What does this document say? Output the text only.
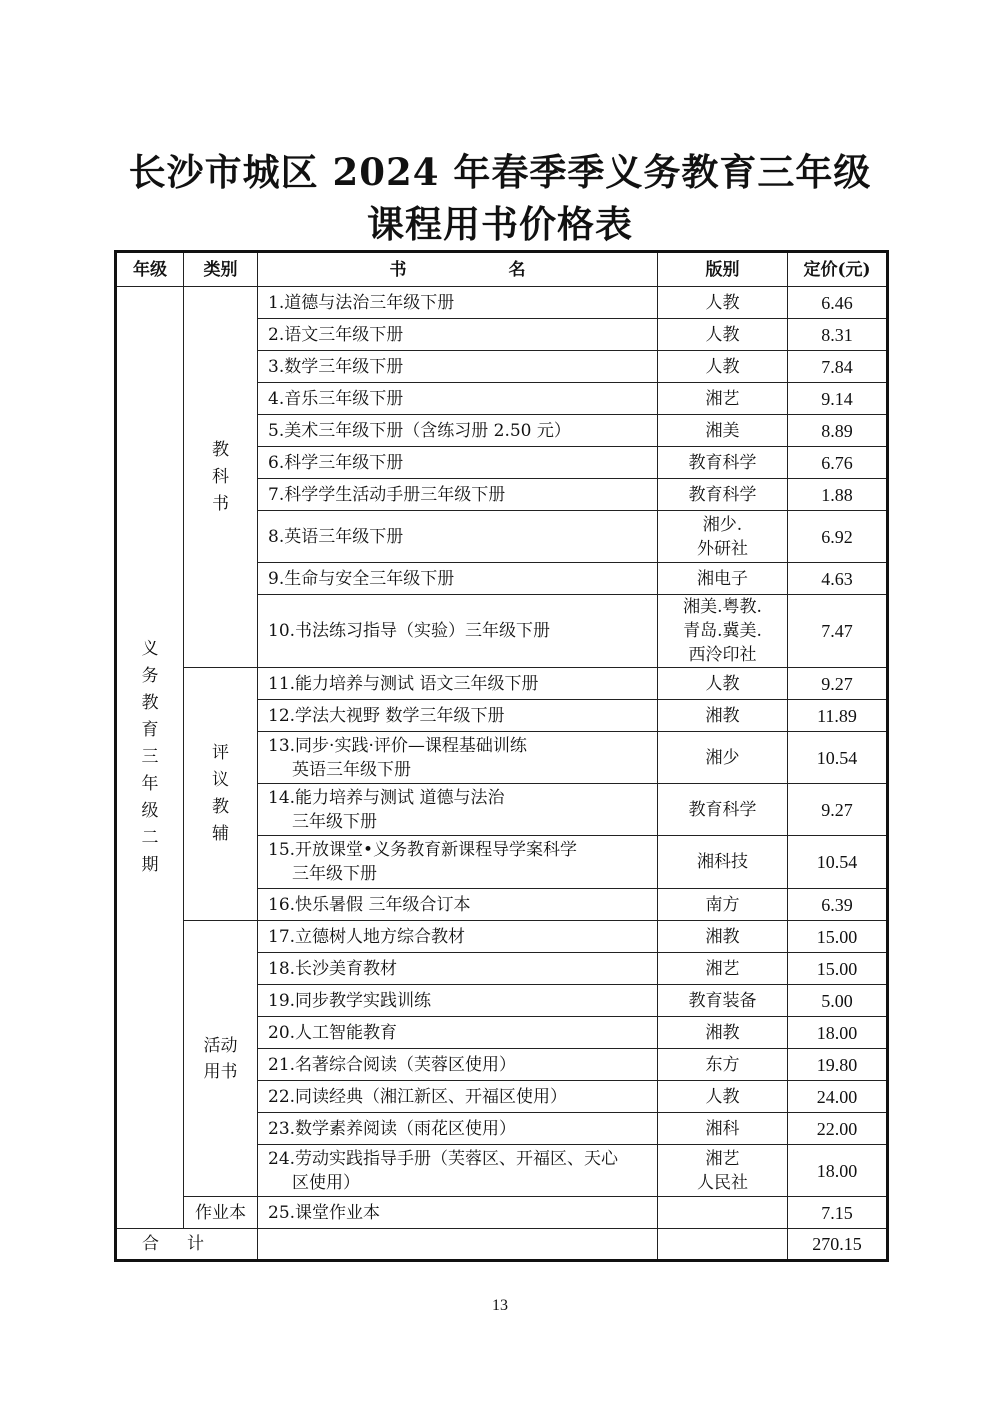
长沙市城区 2024 年春季季义务教育三年级
课程用书价格表
年级	类别	书　　　　　　名	版别	定价(元)
义务教育三年级二期	教科书	1.道德与法治三年级下册	人教	6.46
		2.语文三年级下册	人教	8.31
		3.数学三年级下册	人教	7.84
		4.音乐三年级下册	湘艺	9.14
		5.美术三年级下册（含练习册 2.50 元）	湘美	8.89
		6.科学三年级下册	教育科学	6.76
		7.科学学生活动手册三年级下册	教育科学	1.88
		8.英语三年级下册	湘少.
外研社	6.92
		9.生命与安全三年级下册	湘电子	4.63
		10.书法练习指导（实验）三年级下册	湘美.粤教.
青岛.冀美.
西泠印社	7.47
	评议教辅	11.能力培养与测试 语文三年级下册	人教	9.27
		12.学法大视野 数学三年级下册	湘教	11.89
		13.同步·实践·评价—课程基础训练
英语三年级下册	湘少	10.54
		14.能力培养与测试 道德与法治
三年级下册	教育科学	9.27
		15.开放课堂•义务教育新课程导学案科学
三年级下册	湘科技	10.54
		16.快乐暑假 三年级合订本	南方	6.39
	活动用书	17.立德树人地方综合教材	湘教	15.00
		18.长沙美育教材	湘艺	15.00
		19.同步教学实践训练	教育装备	5.00
		20.人工智能教育	湘教	18.00
		21.名著综合阅读（芙蓉区使用）	东方	19.80
		22.同读经典（湘江新区、开福区使用）	人教	24.00
		23.数学素养阅读（雨花区使用）	湘科	22.00
		24.劳动实践指导手册（芙蓉区、开福区、天心
区使用）	湘艺
人民社	18.00
	作业本	25.课堂作业本		7.15
合计				270.15
13
